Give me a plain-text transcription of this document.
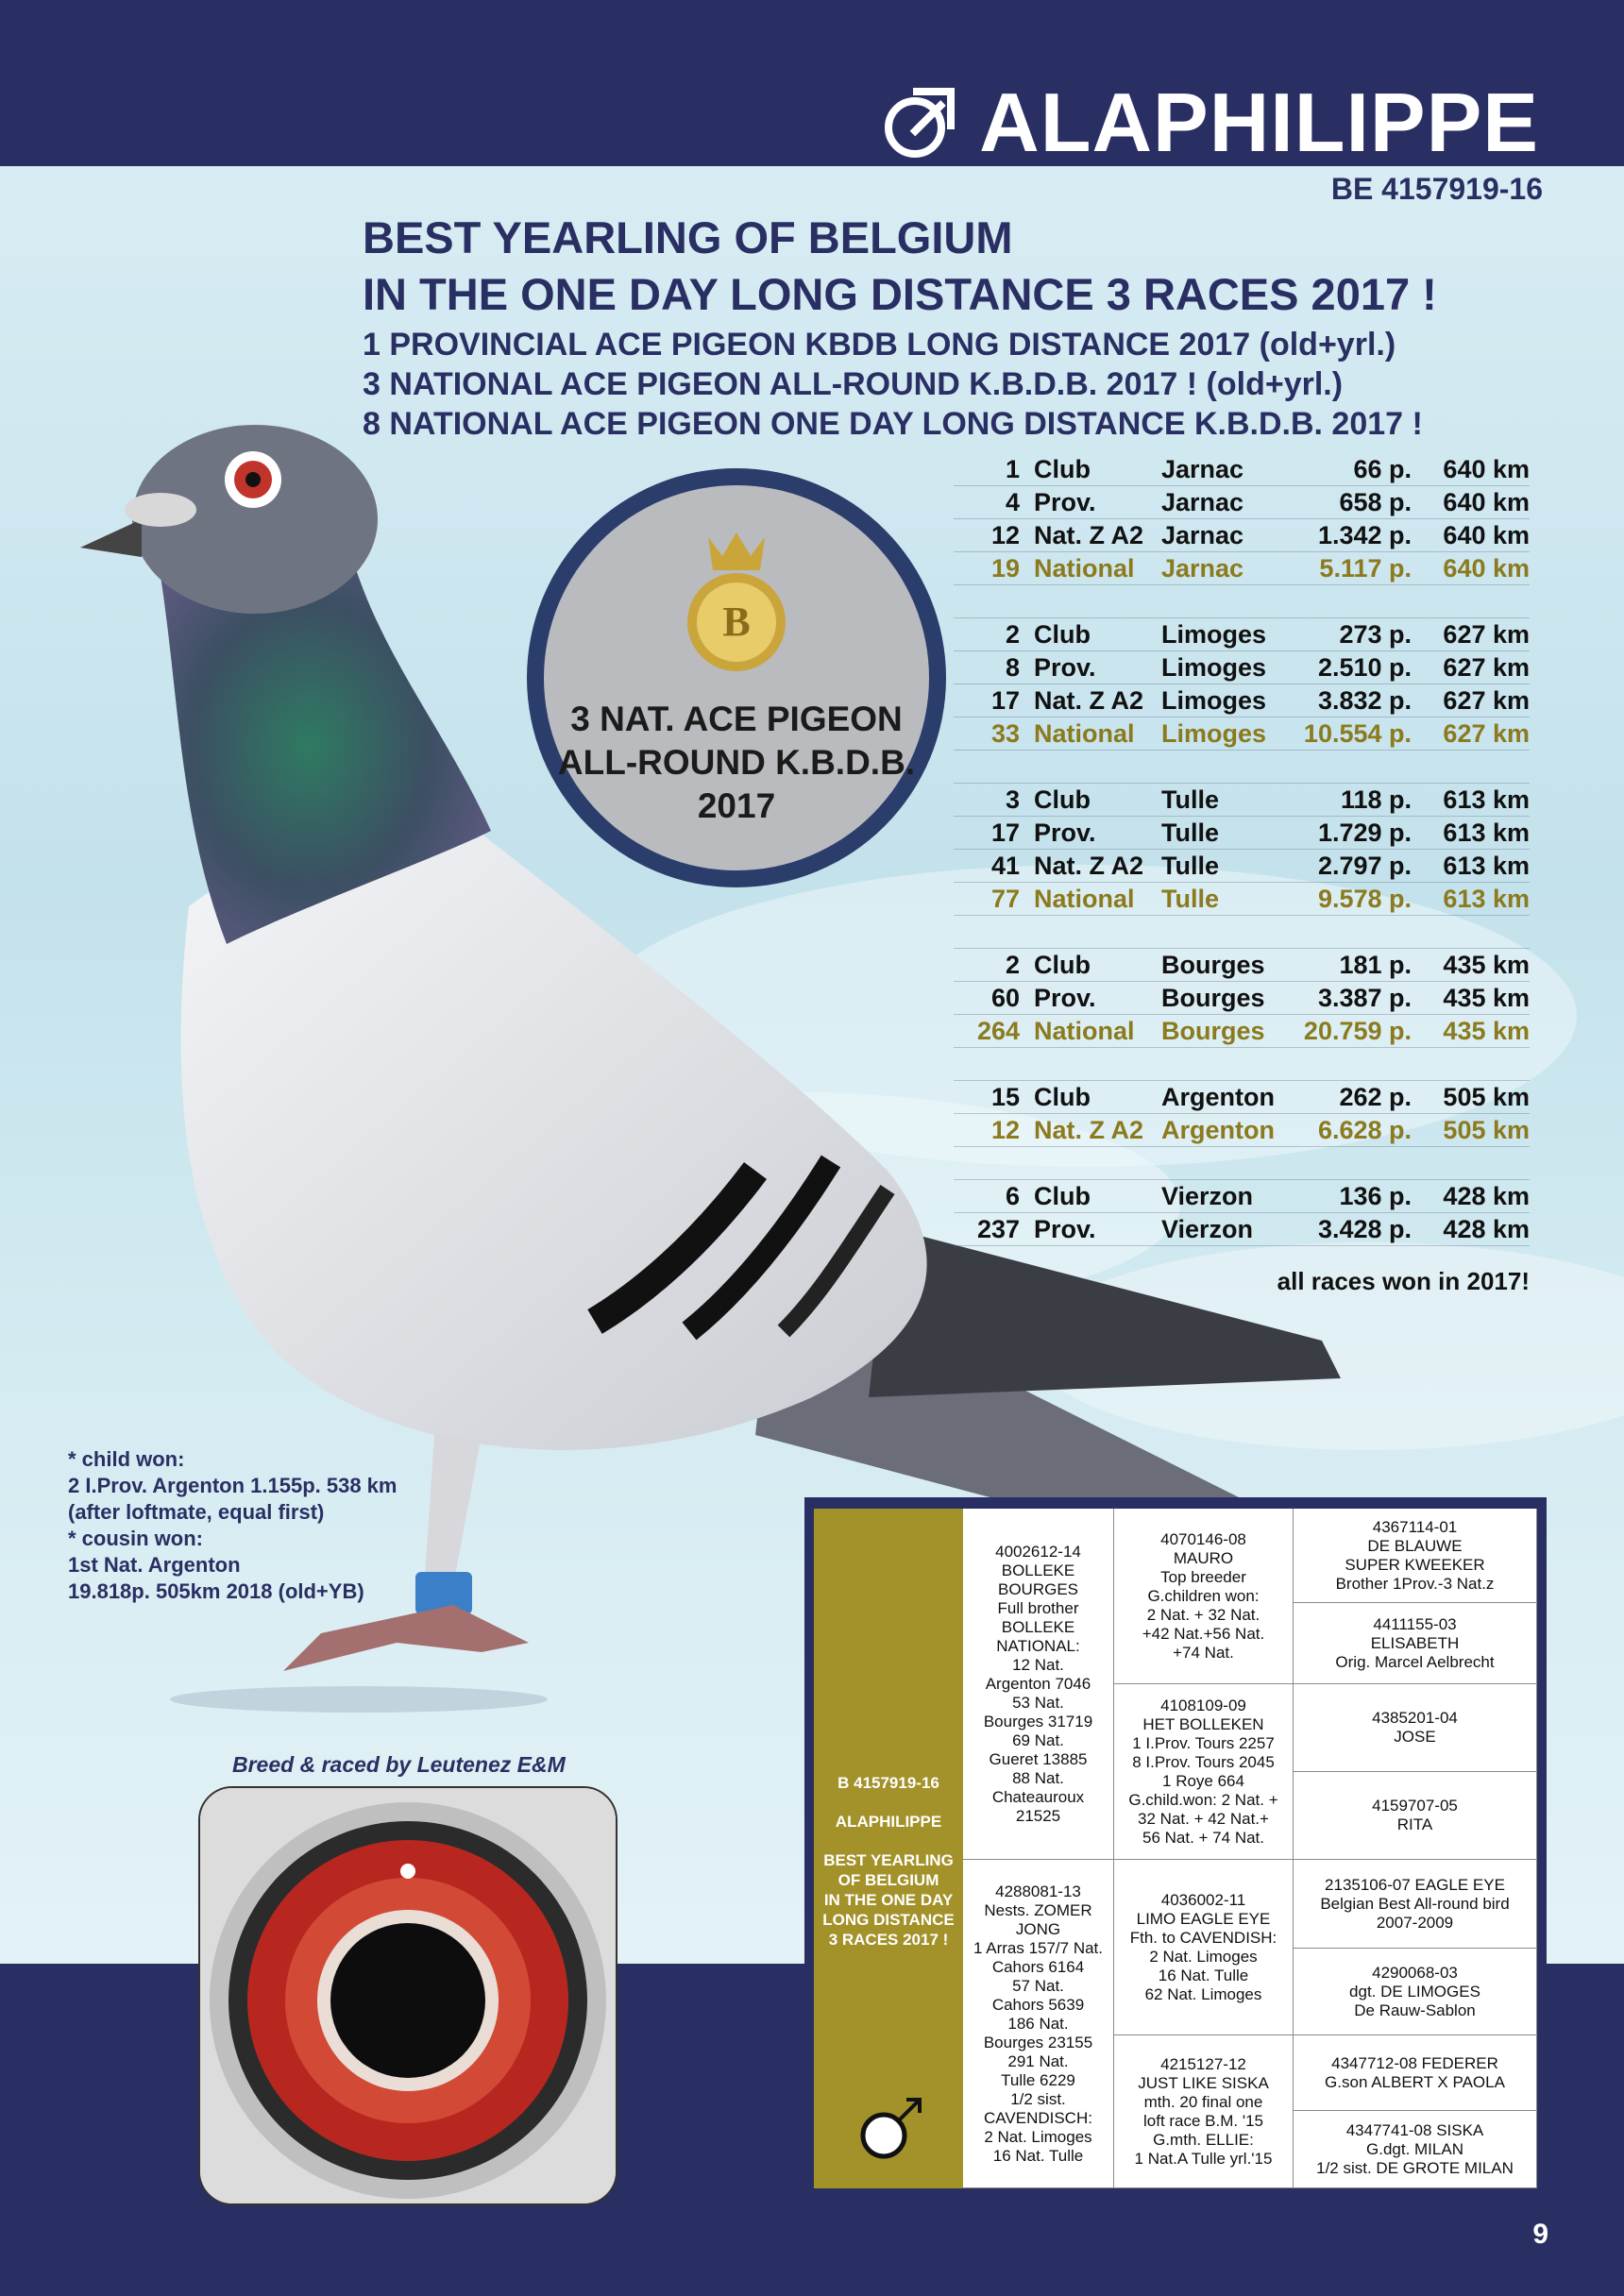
ALAPHILIPPE
BE 4157919-16
BEST YEARLING OF BELGIUM
IN THE ONE DAY LONG DISTANCE 3 RACES 2017 !
1 PROVINCIAL ACE PIGEON KBDB LONG DISTANCE 2017 (old+yrl.)
3 NATIONAL ACE PIGEON ALL-ROUND K.B.D.B. 2017 ! (old+yrl.)
8 NATIONAL ACE PIGEON ONE DAY LONG DISTANCE K.B.D.B. 2017 !
B
3 NAT. ACE PIGEON
ALL-ROUND K.B.D.B.
2017
1 Club	Jarnac	66 p. 640 km
4 Prov.	Jarnac	658 p. 640 km
12 Nat. Z A2 Jarnac	1.342 p. 640 km
19 National Jarnac	5.117 p. 640 km
2 Club	Limoges	273 p. 627 km
8 Prov.	Limoges 2.510 p. 627 km
17 Nat. Z A2 Limoges 3.832 p. 627 km
33 National Limoges 10.554 p. 627 km
3 Club	Tulle	118 p. 613 km
17 Prov.	Tulle	1.729 p. 613 km
41 Nat. Z A2 Tulle	2.797 p. 613 km
77 National Tulle	9.578 p. 613 km
2 Club	Bourges	181 p. 435 km
60 Prov.	Bourges 3.387 p. 435 km
264 National Bourges 20.759 p. 435 km
15 Club	Argenton	262 p. 505 km
12 Nat. Z A2 Argenton 6.628 p. 505 km
6 Club	Vierzon	136 p. 428 km
237 Prov.	Vierzon	3.428 p. 428 km
all races won in 2017!
* child won:
2 I.Prov. Argenton 1.155p. 538 km
(after loftmate, equal first)
* cousin won:
1st Nat. Argenton
19.818p. 505km 2018 (old+YB)
Breed & raced by Leutenez E&M
B 4157919-16
ALAPHILIPPE
BEST YEARLING
OF BELGIUM
IN THE ONE DAY
LONG DISTANCE
3 RACES 2017 !
4002612-14
BOLLEKE
BOURGES
Full brother
BOLLEKE
NATIONAL:
12 Nat.
Argenton 7046
53 Nat.
Bourges 31719
69 Nat.
Gueret 13885
88 Nat.
Chateauroux
21525
4288081-13
Nests. ZOMER
JONG
1 Arras 157/7 Nat.
Cahors 6164
57 Nat.
Cahors 5639
186 Nat.
Bourges 23155
291 Nat.
Tulle 6229
1/2 sist.
CAVENDISCH:
2 Nat. Limoges
16 Nat. Tulle
4070146-08
MAURO
Top breeder
G.children won:
2 Nat. + 32 Nat.
+42 Nat.+56 Nat.
+74 Nat.
4108109-09
HET BOLLEKEN
1 I.Prov. Tours 2257
8 I.Prov. Tours 2045
1 Roye 664
G.child.won: 2 Nat. +
32 Nat. + 42 Nat.+
56 Nat. + 74 Nat.
4036002-11
LIMO EAGLE EYE
Fth. to CAVENDISH:
2 Nat. Limoges
16 Nat. Tulle
62 Nat. Limoges
4215127-12
JUST LIKE SISKA
mth. 20 final one
loft race B.M. '15
G.mth. ELLIE:
1 Nat.A Tulle yrl.'15
4367114-01
DE BLAUWE
SUPER KWEEKER
Brother 1Prov.-3 Nat.z
4411155-03
ELISABETH
Orig. Marcel Aelbrecht
4385201-04
JOSE
4159707-05
RITA
2135106-07 EAGLE EYE
Belgian Best All-round bird
2007-2009
4290068-03
dgt. DE LIMOGES
De Rauw-Sablon
4347712-08 FEDERER
G.son ALBERT X PAOLA
4347741-08 SISKA
G.dgt. MILAN
1/2 sist. DE GROTE MILAN
9
